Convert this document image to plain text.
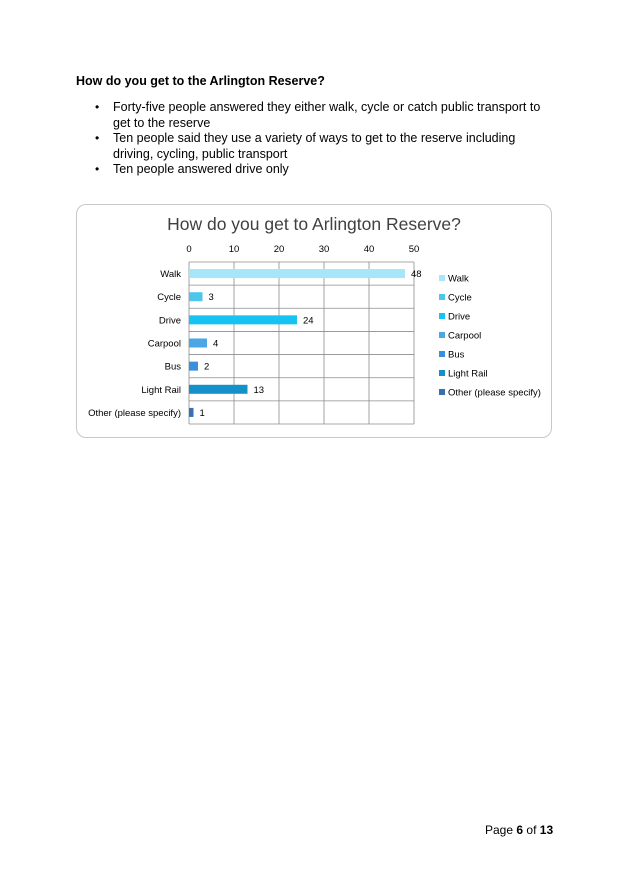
How do you get to the Arlington Reserve?
• Forty-five people answered they either walk, cycle or catch public transport to get to the reserve
• Ten people said they use a variety of ways to get to the reserve including driving, cycling, public transport
• Ten people answered drive only
How do you get to Arlington Reserve?
0	10	20	30	40	50
Walk	48
Cycle	3
Drive	24
Carpool	4
Bus 2
Light Rail	13
Other (please specify) 1
Walk
Cycle
Drive
Carpool
Bus
Light Rail
Other (please specify)
Page 6 of 13
